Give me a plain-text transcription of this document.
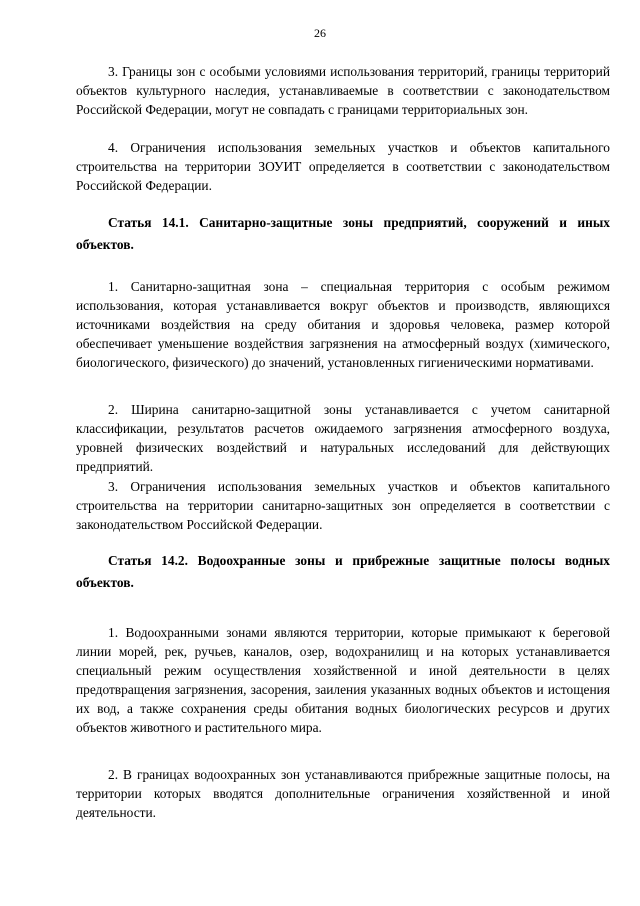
26

3. Границы зон с особыми условиями использования территорий, границы территорий объектов культурного наследия, устанавливаемые в соответствии с законодательством Российской Федерации, могут не совпадать с границами территориальных зон.

4. Ограничения использования земельных участков и объектов капитального строительства на территории ЗОУИТ определяется в соответствии с законодательством Российской Федерации.

Статья 14.1. Санитарно-защитные зоны предприятий, сооружений и иных объектов.

1. Санитарно-защитная зона – специальная территория с особым режимом использования, которая устанавливается вокруг объектов и производств, являющихся источниками воздействия на среду обитания и здоровья человека, размер которой обеспечивает уменьшение воздействия загрязнения на атмосферный воздух (химического, биологического, физического) до значений, установленных гигиеническими нормативами.

2. Ширина санитарно-защитной зоны устанавливается с учетом санитарной классификации, результатов расчетов ожидаемого загрязнения атмосферного воздуха, уровней физических воздействий и натуральных исследований для действующих предприятий.

3. Ограничения использования земельных участков и объектов капитального строительства на территории санитарно-защитных зон определяется в соответствии с законодательством Российской Федерации.

Статья 14.2. Водоохранные зоны и прибрежные защитные полосы водных объектов.

1. Водоохранными зонами являются территории, которые примыкают к береговой линии морей, рек, ручьев, каналов, озер, водохранилищ и на которых устанавливается специальный режим осуществления хозяйственной и иной деятельности в целях предотвращения загрязнения, засорения, заиления указанных водных объектов и истощения их вод, а также сохранения среды обитания водных биологических ресурсов и других объектов животного и растительного мира.

2. В границах водоохранных зон устанавливаются прибрежные защитные полосы, на территории которых вводятся дополнительные ограничения хозяйственной и иной деятельности.
